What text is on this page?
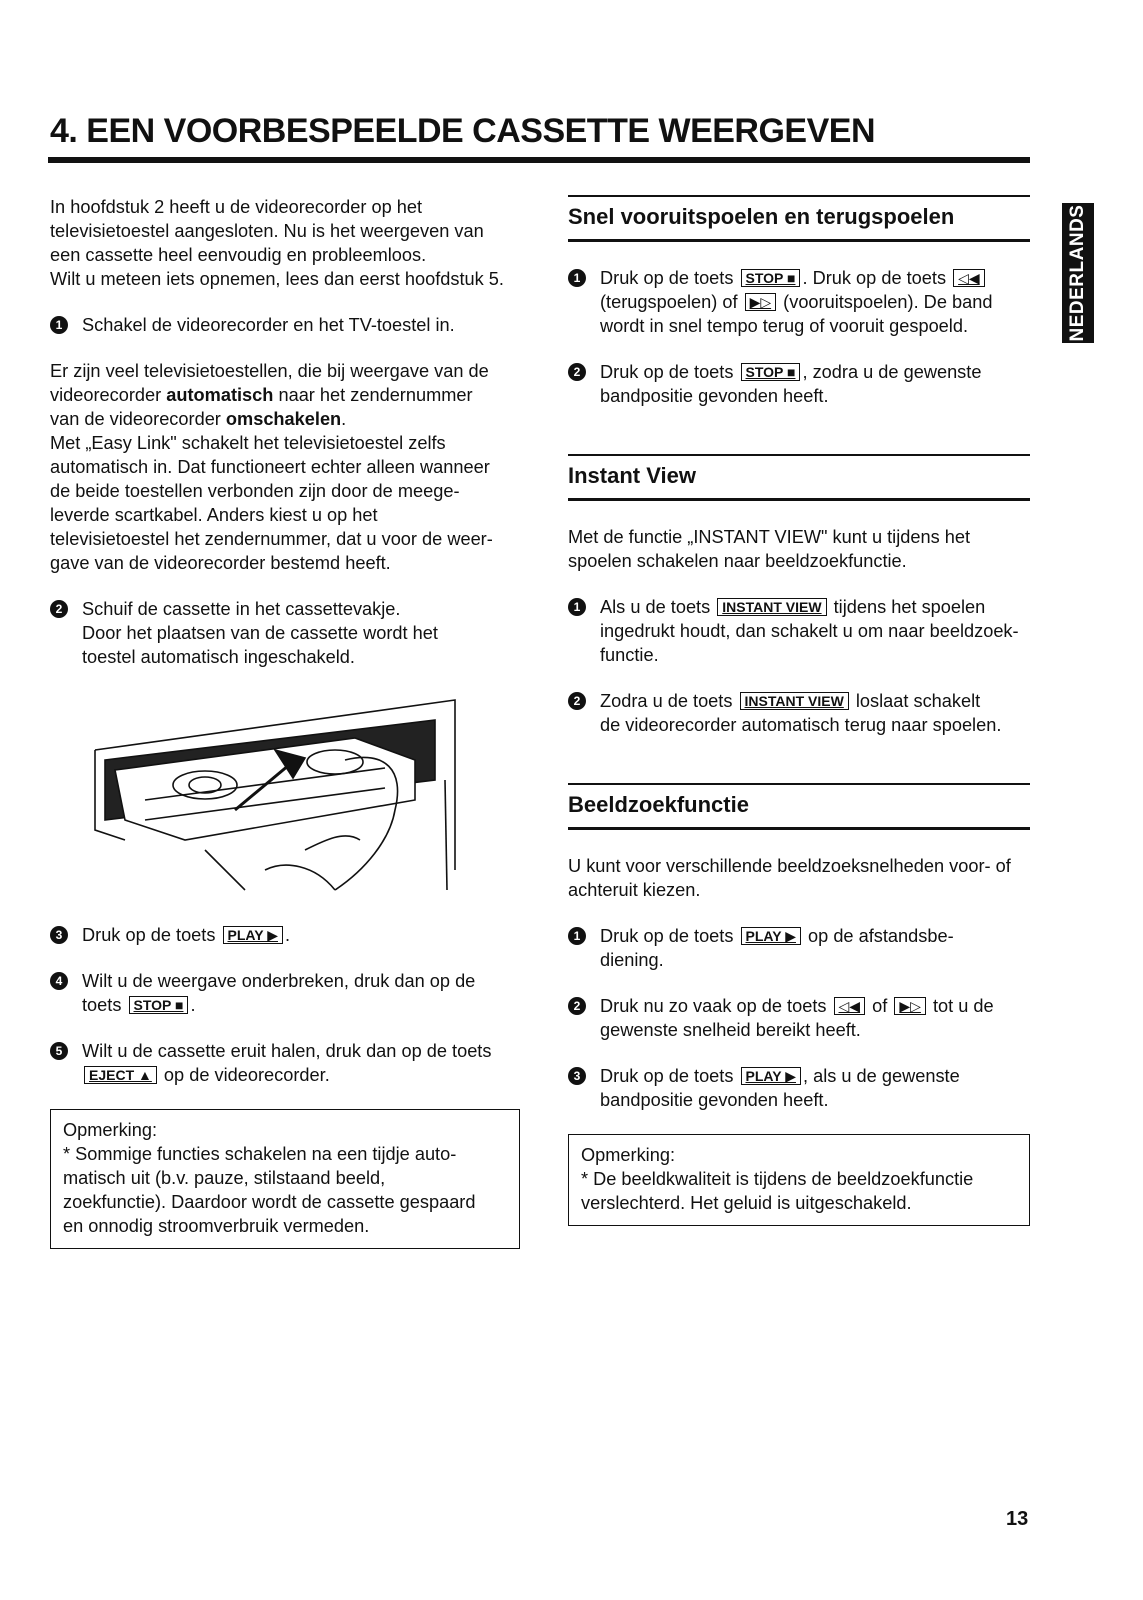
4. EEN VOORBESPEELDE CASSETTE WEERGEVEN
NEDERLANDS
In hoofdstuk 2 heeft u de videorecorder op het
televisietoestel aangesloten. Nu is het weergeven van
een cassette heel eenvoudig en probleemloos.
Wilt u meteen iets opnemen, lees dan eerst hoofdstuk 5.
1	Schakel de videorecorder en het TV-toestel in.
Er zijn veel televisietoestellen, die bij weergave van de
videorecorder automatisch naar het zendernummer
van de videorecorder omschakelen.
Met „Easy Link" schakelt het televisietoestel zelfs
automatisch in. Dat functioneert echter alleen wanneer
de beide toestellen verbonden zijn door de meege-
leverde scartkabel. Anders kiest u op het
televisietoestel het zendernummer, dat u voor de weer-
gave van de videorecorder bestemd heeft.
2	Schuif de cassette in het cassettevakje.
Door het plaatsen van de cassette wordt het
toestel automatisch ingeschakeld.
3	Druk op de toets PLAY ▶ .
4	Wilt u de weergave onderbreken, druk dan op de
toets STOP ■ .
5	Wilt u de cassette eruit halen, druk dan op de toets
EJECT ▲ op de videorecorder.
Opmerking:
* Sommige functies schakelen na een tijdje auto-
matisch uit (b.v. pauze, stilstaand beeld,
zoekfunctie). Daardoor wordt de cassette gespaard
en onnodig stroomverbruik vermeden.
Snel vooruitspoelen en terugspoelen
1	Druk op de toets STOP ■ . Druk op de toets ◁◀
(terugspoelen) of ▶▷ (vooruitspoelen). De band
wordt in snel tempo terug of vooruit gespoeld.
2	Druk op de toets STOP ■ , zodra u de gewenste
bandpositie gevonden heeft.
Instant View
Met de functie „INSTANT VIEW" kunt u tijdens het
spoelen schakelen naar beeldzoekfunctie.
1	Als u de toets INSTANT VIEW tijdens het spoelen
ingedrukt houdt, dan schakelt u om naar beeldzoek-
functie.
2	Zodra u de toets INSTANT VIEW loslaat schakelt
de videorecorder automatisch terug naar spoelen.
Beeldzoekfunctie
U kunt voor verschillende beeldzoeksnelheden voor- of
achteruit kiezen.
1	Druk op de toets PLAY ▶ op de afstandsbe-
diening.
2	Druk nu zo vaak op de toets ◁◀ of ▶▷ tot u de
gewenste snelheid bereikt heeft.
3	Druk op de toets PLAY ▶ , als u de gewenste
bandpositie gevonden heeft.
Opmerking:
* De beeldkwaliteit is tijdens de beeldzoekfunctie
verslechterd. Het geluid is uitgeschakeld.
13
